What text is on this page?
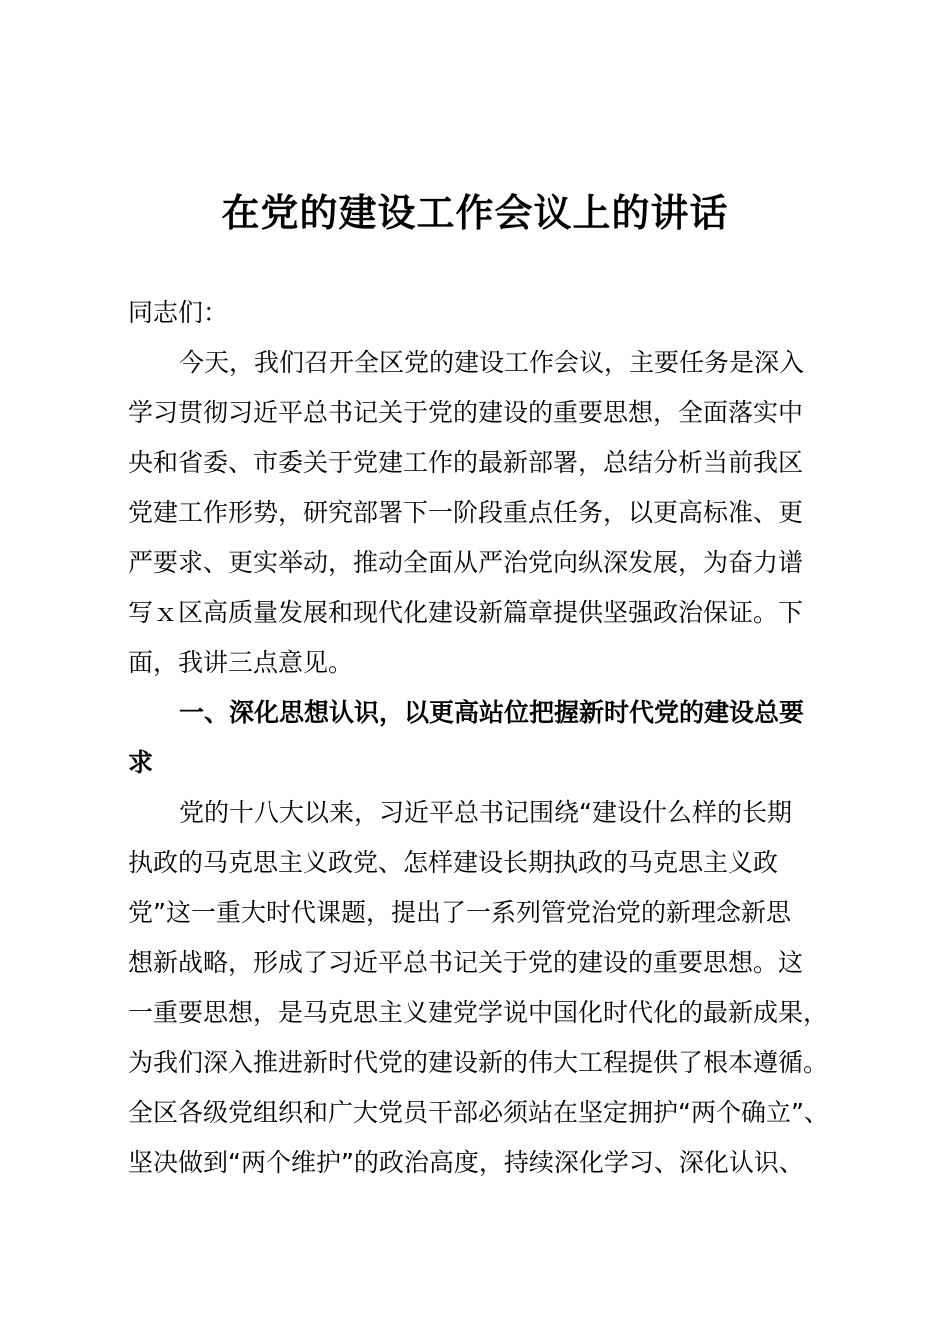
在党的建设工作会议上的讲话
同志们：
今天，我们召开全区党的建设工作会议，主要任务是深入
学习贯彻习近平总书记关于党的建设的重要思想，全面落实中
央和省委、市委关于党建工作的最新部署，总结分析当前我区
党建工作形势，研究部署下一阶段重点任务，以更高标准、更
严要求、更实举动，推动全面从严治党向纵深发展，为奋力谱
写ｘ区高质量发展和现代化建设新篇章提供坚强政治保证。下
面，我讲三点意见。
一、深化思想认识，以更高站位把握新时代党的建设总要
求
党的十八大以来，习近平总书记围绕“建设什么样的长期
执政的马克思主义政党、怎样建设长期执政的马克思主义政
党”这一重大时代课题，提出了一系列管党治党的新理念新思
想新战略，形成了习近平总书记关于党的建设的重要思想。这
一重要思想，是马克思主义建党学说中国化时代化的最新成果，
为我们深入推进新时代党的建设新的伟大工程提供了根本遵循。
全区各级党组织和广大党员干部必须站在坚定拥护“两个确立”、
坚决做到“两个维护”的政治高度，持续深化学习、深化认识、
